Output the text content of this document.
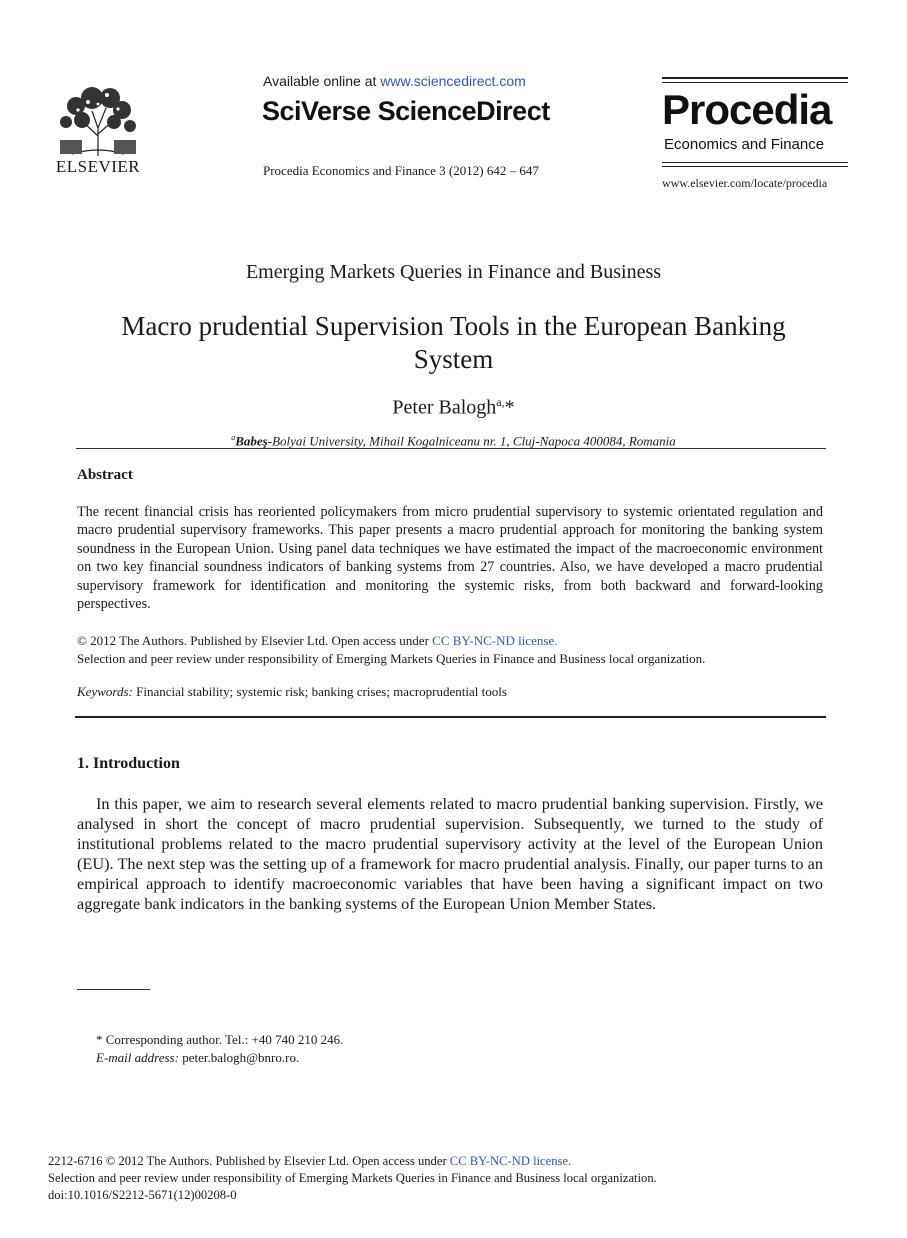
ELSEVIER
Available online at www.sciencedirect.com
SciVerse ScienceDirect
Procedia Economics and Finance 3 (2012) 642 – 647
Procedia
Economics and Finance
www.elsevier.com/locate/procedia
Emerging Markets Queries in Finance and Business
Macro prudential Supervision Tools in the European Banking System
Peter Balogh$^{a,}$*
$^a$Babeş-Bolyai University, Mihail Kogalniceanu nr. 1, Cluj-Napoca 400084, Romania
Abstract
The recent financial crisis has reoriented policymakers from micro prudential supervisory to systemic orientated regulation and macro prudential supervisory frameworks. This paper presents a macro prudential approach for monitoring the banking system soundness in the European Union. Using panel data techniques we have estimated the impact of the macroeconomic environment on two key financial soundness indicators of banking systems from 27 countries. Also, we have developed a macro prudential supervisory framework for identification and monitoring the systemic risks, from both backward and forward-looking perspectives.
© 2012 The Authors. Published by Elsevier Ltd. Open access under CC BY-NC-ND license.
Selection and peer review under responsibility of Emerging Markets Queries in Finance and Business local organization.
Keywords: Financial stability; systemic risk; banking crises; macroprudential tools
1. Introduction
In this paper, we aim to research several elements related to macro prudential banking supervision. Firstly, we analysed in short the concept of macro prudential supervision. Subsequently, we turned to the study of institutional problems related to the macro prudential supervisory activity at the level of the European Union (EU). The next step was the setting up of a framework for macro prudential analysis. Finally, our paper turns to an empirical approach to identify macroeconomic variables that have been having a significant impact on two aggregate bank indicators in the banking systems of the European Union Member States.
* Corresponding author. Tel.: +40 740 210 246.
E-mail address: peter.balogh@bnro.ro.
2212-6716 © 2012 The Authors. Published by Elsevier Ltd. Open access under CC BY-NC-ND license.
Selection and peer review under responsibility of Emerging Markets Queries in Finance and Business local organization.
doi:10.1016/S2212-5671(12)00208-0
